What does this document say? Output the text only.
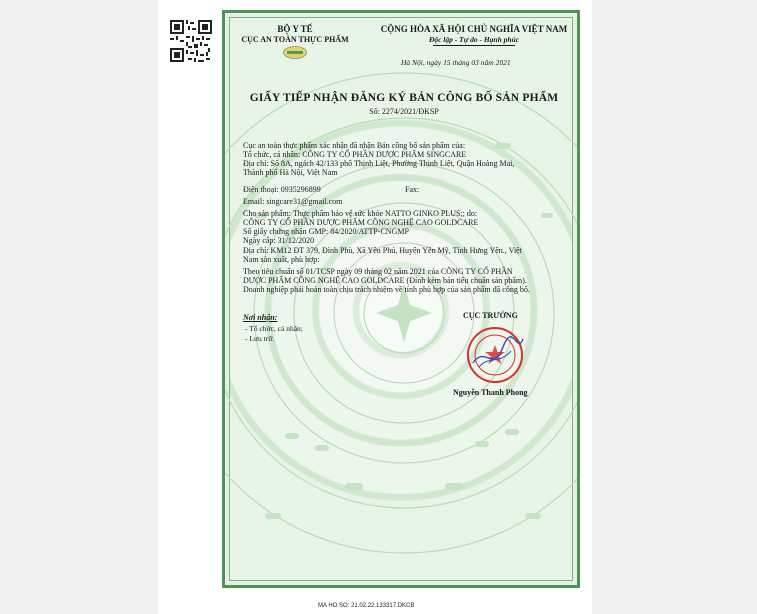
BỘ Y TẾ
CỤC AN TOÀN THỰC PHẨM
CỘNG HÒA XÃ HỘI CHỦ NGHĨA VIỆT NAM
Độc lập - Tự do - Hạnh phúc
Hà Nội, ngày 15 tháng 03 năm 2021
GIẤY TIẾP NHẬN ĐĂNG KÝ BẢN CÔNG BỐ SẢN PHẨM
Số: 2274/2021/ĐKSP
Cục an toàn thực phẩm xác nhận đã nhận Bản công bố sản phẩm của:
Tổ chức, cá nhân: CÔNG TY CỔ PHẦN DƯỢC PHẨM SINGCARE
Địa chỉ: Số 8A, ngách 42/133 phố Thịnh Liệt, Phường Thịnh Liệt, Quận Hoàng Mai,
Thành phố Hà Nội, Việt Nam
Điện thoại: 0935296899	Fax:
Email: singcare31@gmail.com
Cho sản phẩm: Thực phẩm bảo vệ sức khỏe NATTO GINKO PLUS;; do:
CÔNG TY CỔ PHẦN DƯỢC PHẨM CÔNG NGHỆ CAO GOLDCARE
Số giấy chứng nhận GMP: 84/2020/ATTP-CNGMP
Ngày cấp: 31/12/2020
Địa chỉ: KM12 ĐT 379, Đình Phù, Xã Yên Phú, Huyện Yên Mỹ, Tỉnh Hưng Yên., Việt
Nam sản xuất, phù hợp:
Theo tiêu chuẩn số 01/TCSP ngày 09 tháng 02 năm 2021 của CÔNG TY CỔ PHẦN
DƯỢC PHẨM CÔNG NGHỆ CAO GOLDCARE (Đính kèm bản tiêu chuẩn sản phẩm).
Doanh nghiệp phải hoàn toàn chịu trách nhiệm về tính phù hợp của sản phẩm đã công bố.
Nơi nhận:
- Tổ chức, cá nhân;
- Lưu trữ.
CỤC TRƯỞNG
Nguyễn Thanh Phong
MA HO SO: 21.02.22.133317.DKCB
